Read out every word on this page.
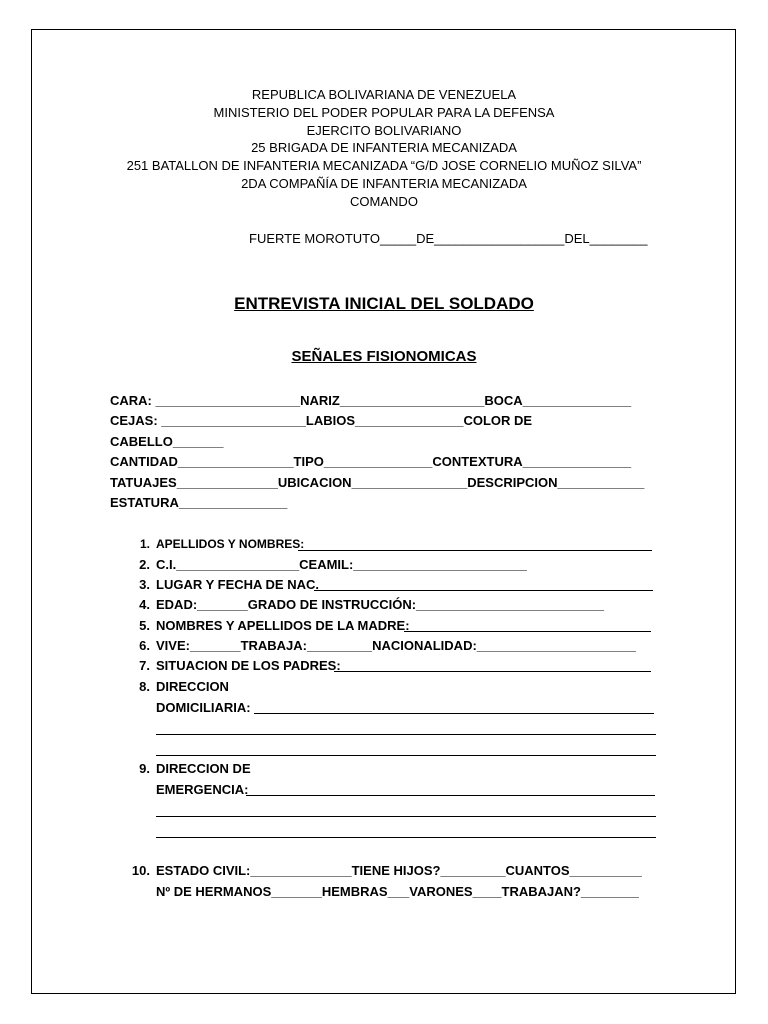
REPUBLICA BOLIVARIANA DE VENEZUELA
MINISTERIO DEL PODER POPULAR PARA LA DEFENSA
EJERCITO BOLIVARIANO
25 BRIGADA DE INFANTERIA MECANIZADA
251 BATALLON DE INFANTERIA MECANIZADA “G/D JOSE CORNELIO MUÑOZ SILVA”
2DA COMPAÑÍA DE INFANTERIA MECANIZADA
COMANDO
FUERTE MOROTUTO_____DE__________________DEL________
ENTREVISTA INICIAL DEL SOLDADO
SEÑALES FISIONOMICAS
CARA: ____________________NARIZ____________________BOCA_______________
CEJAS: ____________________LABIOS_______________COLOR DE
CABELLO_______
CANTIDAD________________TIPO_______________CONTEXTURA_______________
TATUAJES______________UBICACION________________DESCRIPCION____________
ESTATURA_______________
1. APELLIDOS Y NOMBRES:
2. C.I._________________CEAMIL:________________________
3. LUGAR Y FECHA DE NAC.
4. EDAD:_______GRADO DE INSTRUCCIÓN:__________________________
5. NOMBRES Y APELLIDOS DE LA MADRE:
6. VIVE:_______TRABAJA:_________NACIONALIDAD:______________________
7. SITUACION DE LOS PADRES:
8. DIRECCION
DOMICILIARIA:
9. DIRECCION DE
EMERGENCIA:
10. ESTADO CIVIL:______________TIENE HIJOS?_________CUANTOS__________
Nº DE HERMANOS_______HEMBRAS___VARONES____TRABAJAN?________
